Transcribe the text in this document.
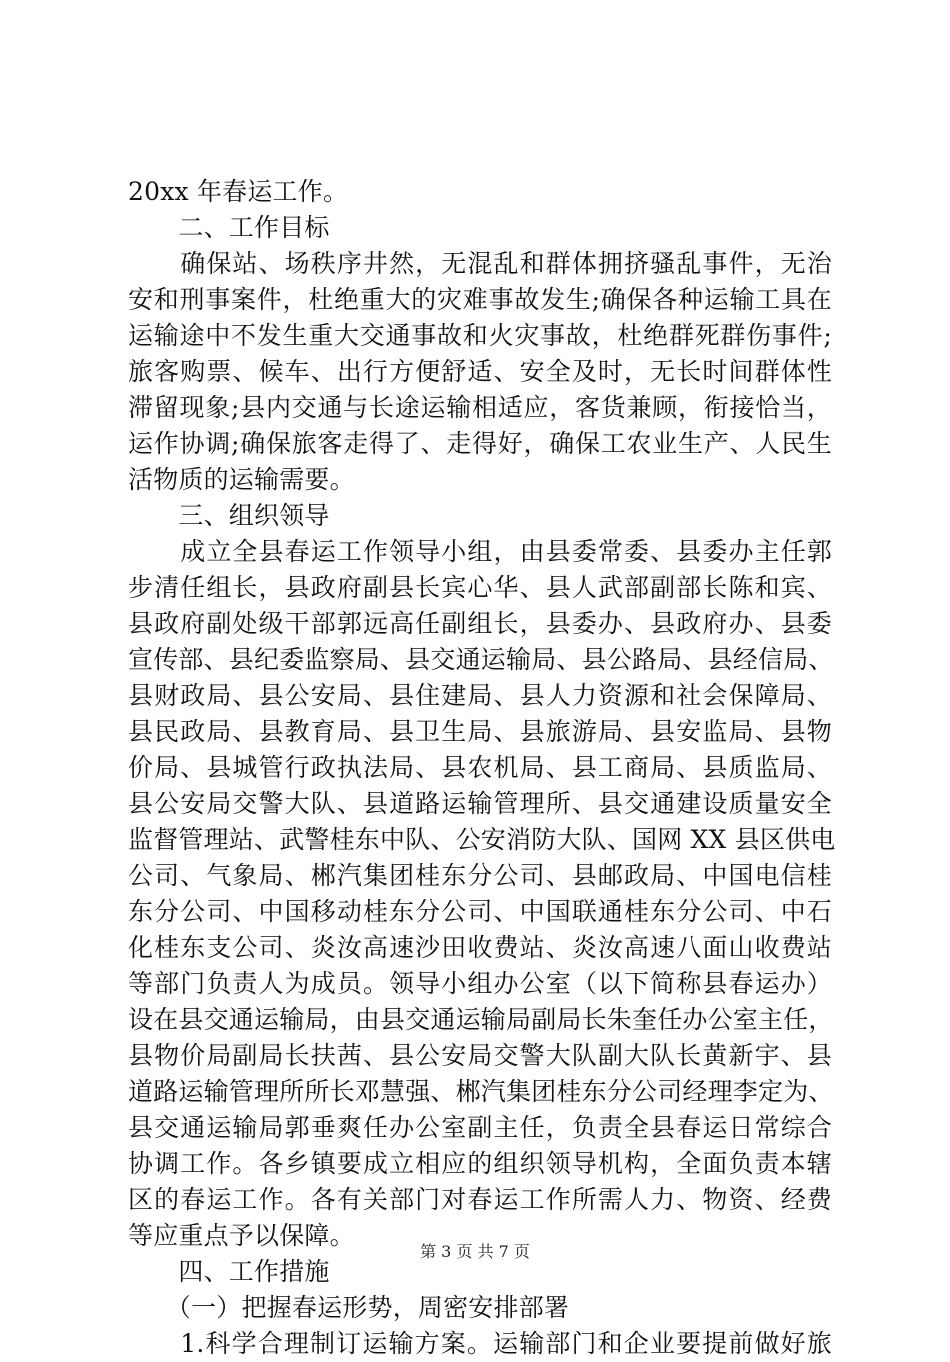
20xx 年春运工作。
　　二、工作目标
　　确保站、场秩序井然，无混乱和群体拥挤骚乱事件，无治
安和刑事案件，杜绝重大的灾难事故发生;确保各种运输工具在
运输途中不发生重大交通事故和火灾事故，杜绝群死群伤事件;
旅客购票、候车、出行方便舒适、安全及时，无长时间群体性
滞留现象;县内交通与长途运输相适应，客货兼顾，衔接恰当，
运作协调;确保旅客走得了、走得好，确保工农业生产、人民生
活物质的运输需要。
　　三、组织领导
　　成立全县春运工作领导小组，由县委常委、县委办主任郭
步清任组长，县政府副县长宾心华、县人武部副部长陈和宾、
县政府副处级干部郭远高任副组长，县委办、县政府办、县委
宣传部、县纪委监察局、县交通运输局、县公路局、县经信局、
县财政局、县公安局、县住建局、县人力资源和社会保障局、
县民政局、县教育局、县卫生局、县旅游局、县安监局、县物
价局、县城管行政执法局、县农机局、县工商局、县质监局、
县公安局交警大队、县道路运输管理所、县交通建设质量安全
监督管理站、武警桂东中队、公安消防大队、国网 XX 县区供电
公司、气象局、郴汽集团桂东分公司、县邮政局、中国电信桂
东分公司、中国移动桂东分公司、中国联通桂东分公司、中石
化桂东支公司、炎汝高速沙田收费站、炎汝高速八面山收费站
等部门负责人为成员。领导小组办公室（以下简称县春运办）
设在县交通运输局，由县交通运输局副局长朱奎任办公室主任，
县物价局副局长扶茜、县公安局交警大队副大队长黄新宇、县
道路运输管理所所长邓慧强、郴汽集团桂东分公司经理李定为、
县交通运输局郭垂爽任办公室副主任，负责全县春运日常综合
协调工作。各乡镇要成立相应的组织领导机构，全面负责本辖
区的春运工作。各有关部门对春运工作所需人力、物资、经费
等应重点予以保障。
　　四、工作措施
　　（一）把握春运形势，周密安排部署
　　1.科学合理制订运输方案。运输部门和企业要提前做好旅
第 3 页 共 7 页
